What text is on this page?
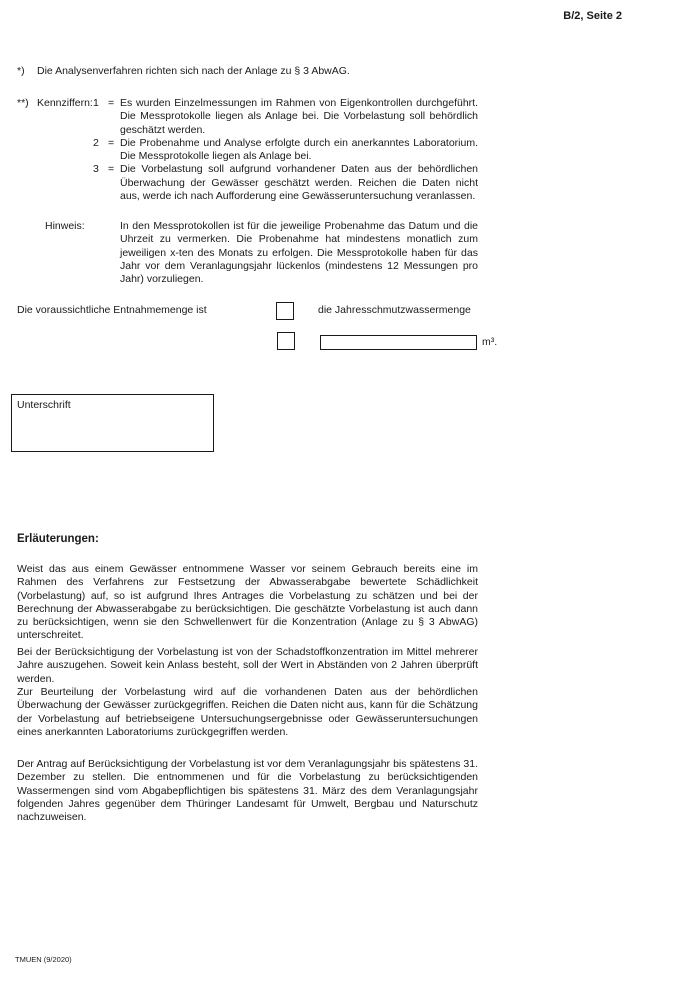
B/2, Seite 2
*) Die Analysenverfahren richten sich nach der Anlage zu § 3 AbwAG.
**) Kennziffern: 1 = Es wurden Einzelmessungen im Rahmen von Eigenkontrollen durchgeführt. Die Messprotokolle liegen als Anlage bei. Die Vorbelastung soll behördlich geschätzt werden.
2 = Die Probenahme und Analyse erfolgte durch ein anerkanntes Laboratorium. Die Messprotokolle liegen als Anlage bei.
3 = Die Vorbelastung soll aufgrund vorhandener Daten aus der behördlichen Überwachung der Gewässer geschätzt werden. Reichen die Daten nicht aus, werde ich nach Aufforderung eine Gewässeruntersuchung veranlassen.
Hinweis:	In den Messprotokollen ist für die jeweilige Probenahme das Datum und die Uhrzeit zu vermerken. Die Probenahme hat mindestens monatlich zum jeweiligen x-ten des Monats zu erfolgen. Die Messprotokolle haben für das Jahr vor dem Veranlagungsjahr lückenlos (mindestens 12 Messungen pro Jahr) vorzuliegen.
Die voraussichtliche Entnahmemenge ist	die Jahresschmutzwassermenge
m³.
Unterschrift
Erläuterungen:
Weist das aus einem Gewässer entnommene Wasser vor seinem Gebrauch bereits eine im Rahmen des Verfahrens zur Festsetzung der Abwasserabgabe bewertete Schädlichkeit (Vorbelastung) auf, so ist aufgrund Ihres Antrages die Vorbelastung zu schätzen und bei der Berechnung der Abwasserabgabe zu berücksichtigen. Die geschätzte Vorbelastung ist auch dann zu berücksichtigen, wenn sie den Schwellenwert für die Konzentration (Anlage zu § 3 AbwAG) unterschreitet.
Bei der Berücksichtigung der Vorbelastung ist von der Schadstoffkonzentration im Mittel mehrerer Jahre auszugehen. Soweit kein Anlass besteht, soll der Wert in Abständen von 2 Jahren überprüft werden.
Zur Beurteilung der Vorbelastung wird auf die vorhandenen Daten aus der behördlichen Überwachung der Gewässer zurückgegriffen. Reichen die Daten nicht aus, kann für die Schätzung der Vorbelastung auf betriebseigene Untersuchungsergebnisse oder Gewässeruntersuchungen eines anerkannten Laboratoriums zurückgegriffen werden.
Der Antrag auf Berücksichtigung der Vorbelastung ist vor dem Veranlagungsjahr bis spätestens 31. Dezember zu stellen. Die entnommenen und für die Vorbelastung zu berücksichtigenden Wassermengen sind vom Abgabepflichtigen bis spätestens 31. März des dem Veranlagungsjahr folgenden Jahres gegenüber dem Thüringer Landesamt für Umwelt, Bergbau und Naturschutz nachzuweisen.
TMUEN (9/2020)
